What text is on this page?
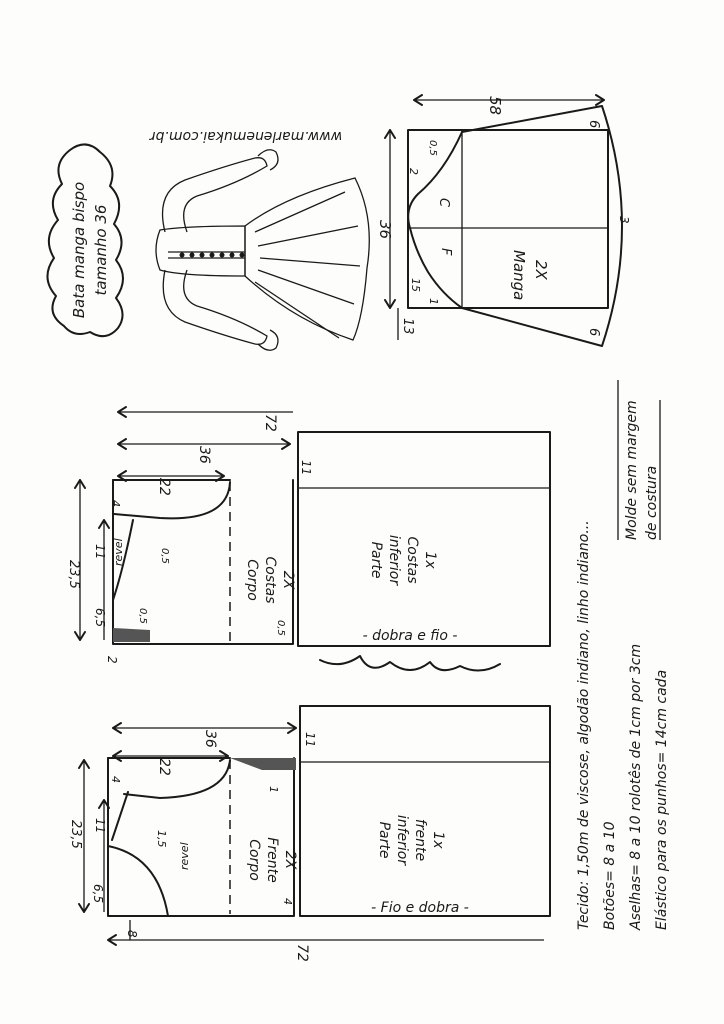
Bata manga bispo tamanho 36
www.marlenemukai.com.br
58
36
13
15
6
6
3
0,5
2
1
C
F	Manga 2X
72
36
22
11
23,5
11
6,5
2
4
0,5
0,5
0,5
revel
Corpo Costas 2X
Parte inferior Costas 1x
- dobra e fio -
Marlene Mukai
72
36
22
11
23,5 11
6,5
8
4
4
1,5
1
revel	Corpo Frente 2X
Parte inferior frente 1x
- Fio e dobra -	Tecido: 1,50m de viscose, algodão indiano, linho indiano... Botões= 8 a 10 Aselhas= 8 a 10 rolotês de 1cm por 3cm Elástico para os punhos= 14cm cada
Molde sem margem de costura
